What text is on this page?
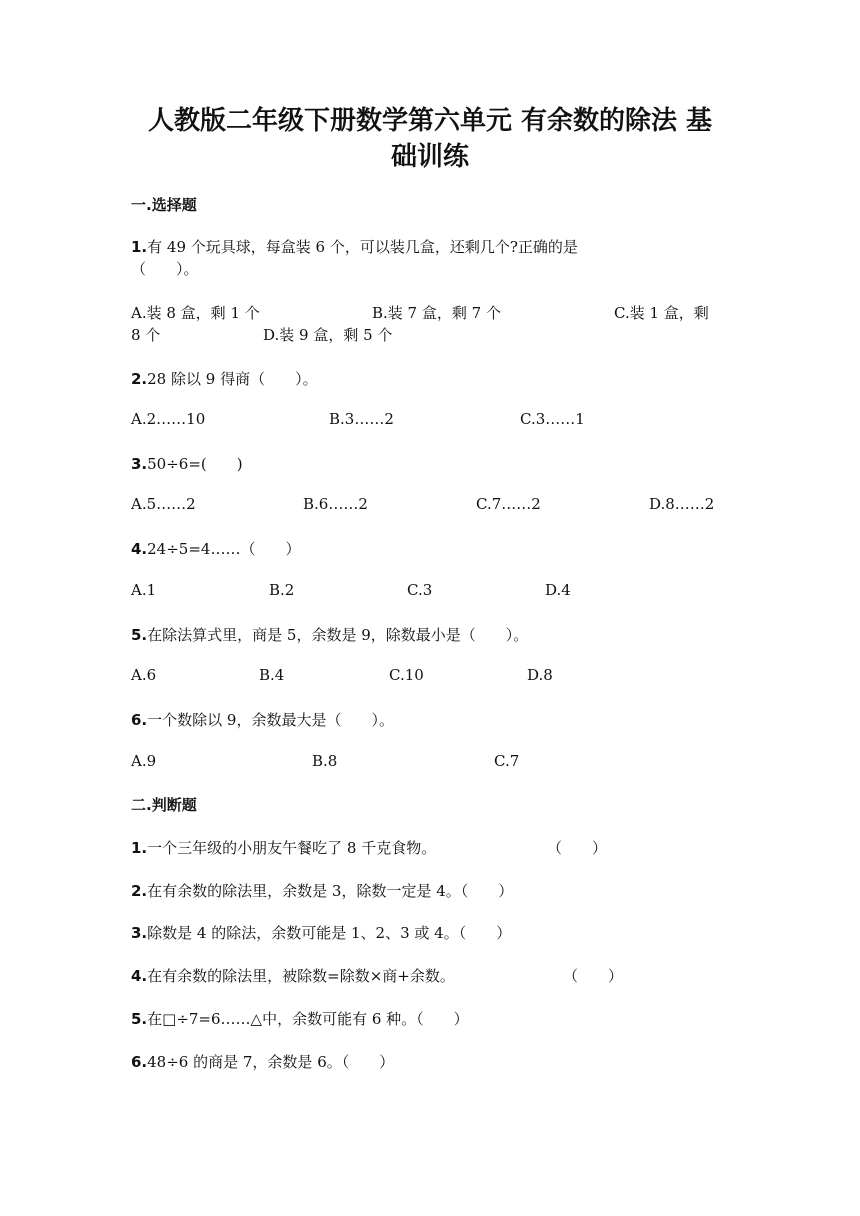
人教版二年级下册数学第六单元 有余数的除法 基
础训练
一.选择题
1.有 49 个玩具球，每盒装 6 个，可以装几盒，还剩几个?正确的是
（　　）。
A.装 8 盒，剩 1 个	B.装 7 盒，剩 7 个	C.装 1 盒，剩
8 个	D.装 9 盒，剩 5 个
2.28 除以 9 得商（　　）。
A.2……10	B.3……2	C.3……1
3.50÷6=(　　)
A.5……2	B.6……2	C.7……2	D.8……2
4.24÷5=4……（　　）
A.1	B.2	C.3	D.4
5.在除法算式里，商是 5，余数是 9，除数最小是（　　）。
A.6	B.4	C.10	D.8
6.一个数除以 9，余数最大是（　　）。
A.9	B.8	C.7
二.判断题
1.一个三年级的小朋友午餐吃了 8 千克食物。	（　　）
2.在有余数的除法里，余数是 3，除数一定是 4。（　　）
3.除数是 4 的除法，余数可能是 1、2、3 或 4。（　　）
4.在有余数的除法里，被除数=除数×商+余数。	（　　）
5.在□÷7=6……△中，余数可能有 6 种。（　　）
6.48÷6 的商是 7，余数是 6。（　　）
